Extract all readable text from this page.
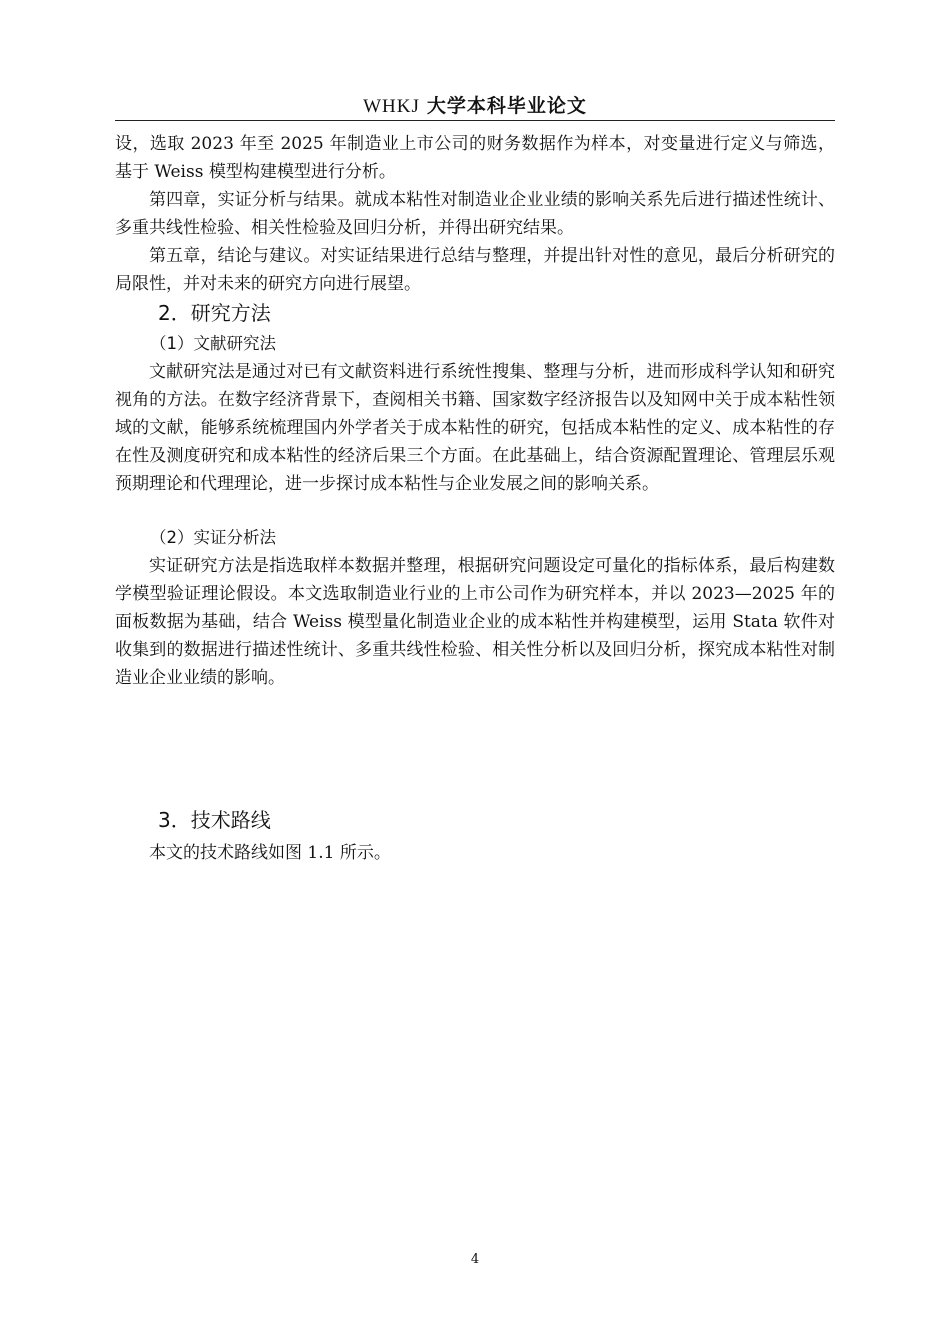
WHKJ 大学本科毕业论文

设，选取 2023 年至 2025 年制造业上市公司的财务数据作为样本，对变量进行定义与筛选，基于 Weiss 模型构建模型进行分析。

第四章，实证分析与结果。就成本粘性对制造业企业业绩的影响关系先后进行描述性统计、多重共线性检验、相关性检验及回归分析，并得出研究结果。

第五章，结论与建议。对实证结果进行总结与整理，并提出针对性的意见，最后分析研究的局限性，并对未来的研究方向进行展望。

2．研究方法
（1）文献研究法

文献研究法是通过对已有文献资料进行系统性搜集、整理与分析，进而形成科学认知和研究视角的方法。在数字经济背景下，查阅相关书籍、国家数字经济报告以及知网中关于成本粘性领域的文献，能够系统梳理国内外学者关于成本粘性的研究，包括成本粘性的定义、成本粘性的存在性及测度研究和成本粘性的经济后果三个方面。在此基础上，结合资源配置理论、管理层乐观预期理论和代理理论，进一步探讨成本粘性与企业发展之间的影响关系。

（2）实证分析法

实证研究方法是指选取样本数据并整理，根据研究问题设定可量化的指标体系，最后构建数学模型验证理论假设。本文选取制造业行业的上市公司作为研究样本，并以 2023—2025 年的面板数据为基础，结合 Weiss 模型量化制造业企业的成本粘性并构建模型，运用 Stata 软件对收集到的数据进行描述性统计、多重共线性检验、相关性分析以及回归分析，探究成本粘性对制造业企业业绩的影响。

3．技术路线

本文的技术路线如图 1.1 所示。

4
